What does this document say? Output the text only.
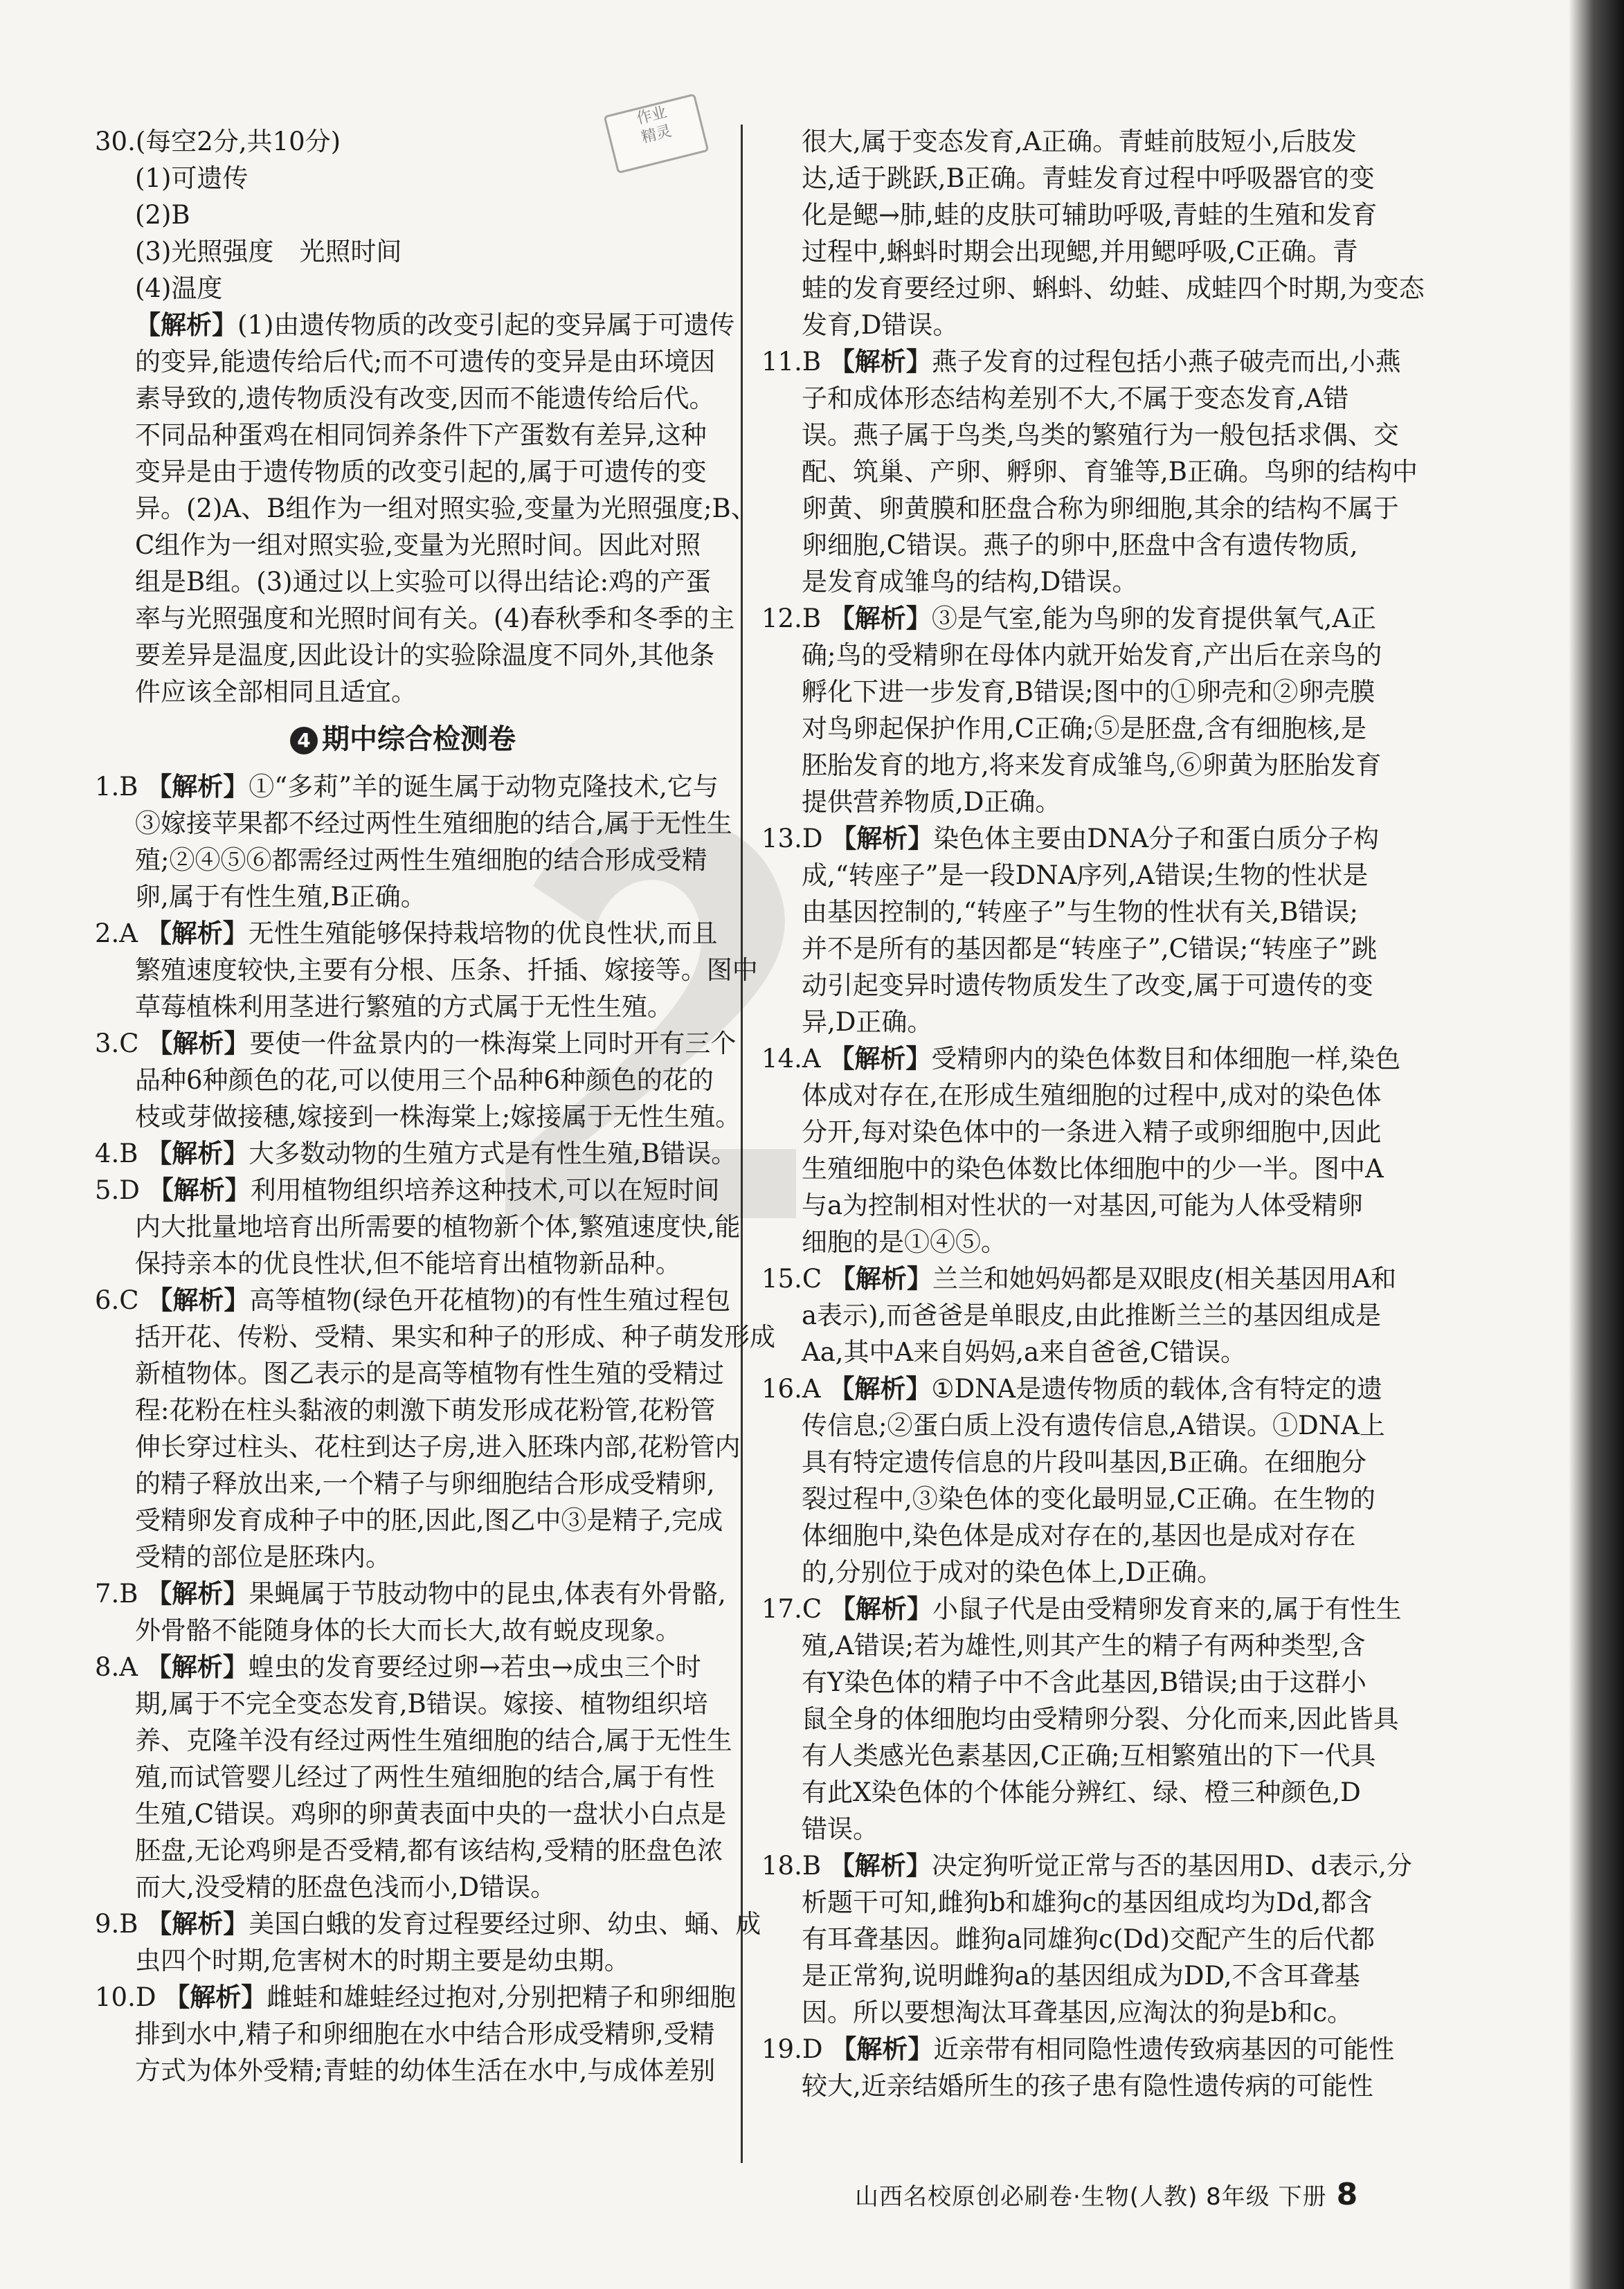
作业
精灵
30.(每空2分,共10分)
(1)可遗传
(2)B
(3)光照强度　光照时间
(4)温度
【解析】(1)由遗传物质的改变引起的变异属于可遗传
的变异,能遗传给后代;而不可遗传的变异是由环境因
素导致的,遗传物质没有改变,因而不能遗传给后代。
不同品种蛋鸡在相同饲养条件下产蛋数有差异,这种
变异是由于遗传物质的改变引起的,属于可遗传的变
异。(2)A、B组作为一组对照实验,变量为光照强度;B、
C组作为一组对照实验,变量为光照时间。因此对照
组是B组。(3)通过以上实验可以得出结论:鸡的产蛋
率与光照强度和光照时间有关。(4)春秋季和冬季的主
要差异是温度,因此设计的实验除温度不同外,其他条
件应该全部相同且适宜。
4 期中综合检测卷
1.B 【解析】①“多莉”羊的诞生属于动物克隆技术,它与
③嫁接苹果都不经过两性生殖细胞的结合,属于无性生
殖;②④⑤⑥都需经过两性生殖细胞的结合形成受精
卵,属于有性生殖,B正确。
2.A 【解析】无性生殖能够保持栽培物的优良性状,而且
繁殖速度较快,主要有分根、压条、扦插、嫁接等。图中
草莓植株利用茎进行繁殖的方式属于无性生殖。
3.C 【解析】要使一件盆景内的一株海棠上同时开有三个
品种6种颜色的花,可以使用三个品种6种颜色的花的
枝或芽做接穗,嫁接到一株海棠上;嫁接属于无性生殖。
4.B 【解析】大多数动物的生殖方式是有性生殖,B错误。
5.D 【解析】利用植物组织培养这种技术,可以在短时间
内大批量地培育出所需要的植物新个体,繁殖速度快,能
保持亲本的优良性状,但不能培育出植物新品种。
6.C 【解析】高等植物(绿色开花植物)的有性生殖过程包
括开花、传粉、受精、果实和种子的形成、种子萌发形成
新植物体。图乙表示的是高等植物有性生殖的受精过
程:花粉在柱头黏液的刺激下萌发形成花粉管,花粉管
伸长穿过柱头、花柱到达子房,进入胚珠内部,花粉管内
的精子释放出来,一个精子与卵细胞结合形成受精卵,
受精卵发育成种子中的胚,因此,图乙中③是精子,完成
受精的部位是胚珠内。
7.B 【解析】果蝇属于节肢动物中的昆虫,体表有外骨骼,
外骨骼不能随身体的长大而长大,故有蜕皮现象。
8.A 【解析】蝗虫的发育要经过卵→若虫→成虫三个时
期,属于不完全变态发育,B错误。嫁接、植物组织培
养、克隆羊没有经过两性生殖细胞的结合,属于无性生
殖,而试管婴儿经过了两性生殖细胞的结合,属于有性
生殖,C错误。鸡卵的卵黄表面中央的一盘状小白点是
胚盘,无论鸡卵是否受精,都有该结构,受精的胚盘色浓
而大,没受精的胚盘色浅而小,D错误。
9.B 【解析】美国白蛾的发育过程要经过卵、幼虫、蛹、成
虫四个时期,危害树木的时期主要是幼虫期。
10.D 【解析】雌蛙和雄蛙经过抱对,分别把精子和卵细胞
排到水中,精子和卵细胞在水中结合形成受精卵,受精
方式为体外受精;青蛙的幼体生活在水中,与成体差别
很大,属于变态发育,A正确。青蛙前肢短小,后肢发
达,适于跳跃,B正确。青蛙发育过程中呼吸器官的变
化是鳃→肺,蛙的皮肤可辅助呼吸,青蛙的生殖和发育
过程中,蝌蚪时期会出现鳃,并用鳃呼吸,C正确。青
蛙的发育要经过卵、蝌蚪、幼蛙、成蛙四个时期,为变态
发育,D错误。
11.B 【解析】燕子发育的过程包括小燕子破壳而出,小燕
子和成体形态结构差别不大,不属于变态发育,A错
误。燕子属于鸟类,鸟类的繁殖行为一般包括求偶、交
配、筑巢、产卵、孵卵、育雏等,B正确。鸟卵的结构中
卵黄、卵黄膜和胚盘合称为卵细胞,其余的结构不属于
卵细胞,C错误。燕子的卵中,胚盘中含有遗传物质,
是发育成雏鸟的结构,D错误。
12.B 【解析】③是气室,能为鸟卵的发育提供氧气,A正
确;鸟的受精卵在母体内就开始发育,产出后在亲鸟的
孵化下进一步发育,B错误;图中的①卵壳和②卵壳膜
对鸟卵起保护作用,C正确;⑤是胚盘,含有细胞核,是
胚胎发育的地方,将来发育成雏鸟,⑥卵黄为胚胎发育
提供营养物质,D正确。
13.D 【解析】染色体主要由DNA分子和蛋白质分子构
成,“转座子”是一段DNA序列,A错误;生物的性状是
由基因控制的,“转座子”与生物的性状有关,B错误;
并不是所有的基因都是“转座子”,C错误;“转座子”跳
动引起变异时遗传物质发生了改变,属于可遗传的变
异,D正确。
14.A 【解析】受精卵内的染色体数目和体细胞一样,染色
体成对存在,在形成生殖细胞的过程中,成对的染色体
分开,每对染色体中的一条进入精子或卵细胞中,因此
生殖细胞中的染色体数比体细胞中的少一半。图中A
与a为控制相对性状的一对基因,可能为人体受精卵
细胞的是①④⑤。
15.C 【解析】兰兰和她妈妈都是双眼皮(相关基因用A和
a表示),而爸爸是单眼皮,由此推断兰兰的基因组成是
Aa,其中A来自妈妈,a来自爸爸,C错误。
16.A 【解析】①DNA是遗传物质的载体,含有特定的遗
传信息;②蛋白质上没有遗传信息,A错误。①DNA上
具有特定遗传信息的片段叫基因,B正确。在细胞分
裂过程中,③染色体的变化最明显,C正确。在生物的
体细胞中,染色体是成对存在的,基因也是成对存在
的,分别位于成对的染色体上,D正确。
17.C 【解析】小鼠子代是由受精卵发育来的,属于有性生
殖,A错误;若为雄性,则其产生的精子有两种类型,含
有Y染色体的精子中不含此基因,B错误;由于这群小
鼠全身的体细胞均由受精卵分裂、分化而来,因此皆具
有人类感光色素基因,C正确;互相繁殖出的下一代具
有此X染色体的个体能分辨红、绿、橙三种颜色,D
错误。
18.B 【解析】决定狗听觉正常与否的基因用D、d表示,分
析题干可知,雌狗b和雄狗c的基因组成均为Dd,都含
有耳聋基因。雌狗a同雄狗c(Dd)交配产生的后代都
是正常狗,说明雌狗a的基因组成为DD,不含耳聋基
因。所以要想淘汰耳聋基因,应淘汰的狗是b和c。
19.D 【解析】近亲带有相同隐性遗传致病基因的可能性
较大,近亲结婚所生的孩子患有隐性遗传病的可能性
山西名校原创必刷卷·生物(人教) 8年级 下册 8
